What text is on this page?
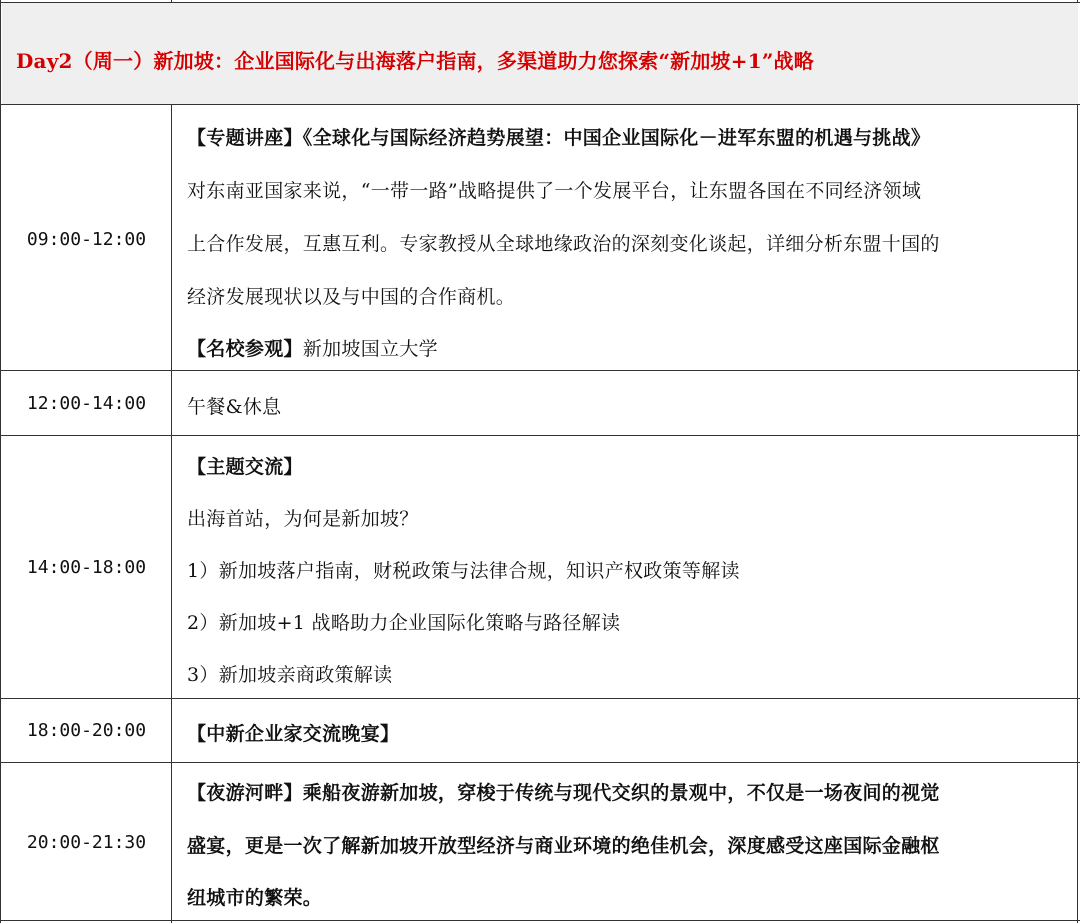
Day2（周一）新加坡：企业国际化与出海落户指南，多渠道助力您探索“新加坡+1”战略
09:00-12:00
【专题讲座】《全球化与国际经济趋势展望：中国企业国际化－进军东盟的机遇与挑战》
对东南亚国家来说，“一带一路”战略提供了一个发展平台，让东盟各国在不同经济领域
上合作发展，互惠互利。专家教授从全球地缘政治的深刻变化谈起，详细分析东盟十国的
经济发展现状以及与中国的合作商机。
【名校参观】新加坡国立大学
12:00-14:00	午餐&休息
14:00-18:00
【主题交流】
出海首站，为何是新加坡？
1）新加坡落户指南，财税政策与法律合规，知识产权政策等解读
2）新加坡+1 战略助力企业国际化策略与路径解读
3）新加坡亲商政策解读
18:00-20:00	【中新企业家交流晚宴】
20:00-21:30
【夜游河畔】乘船夜游新加坡，穿梭于传统与现代交织的景观中，不仅是一场夜间的视觉
盛宴，更是一次了解新加坡开放型经济与商业环境的绝佳机会，深度感受这座国际金融枢
纽城市的繁荣。
